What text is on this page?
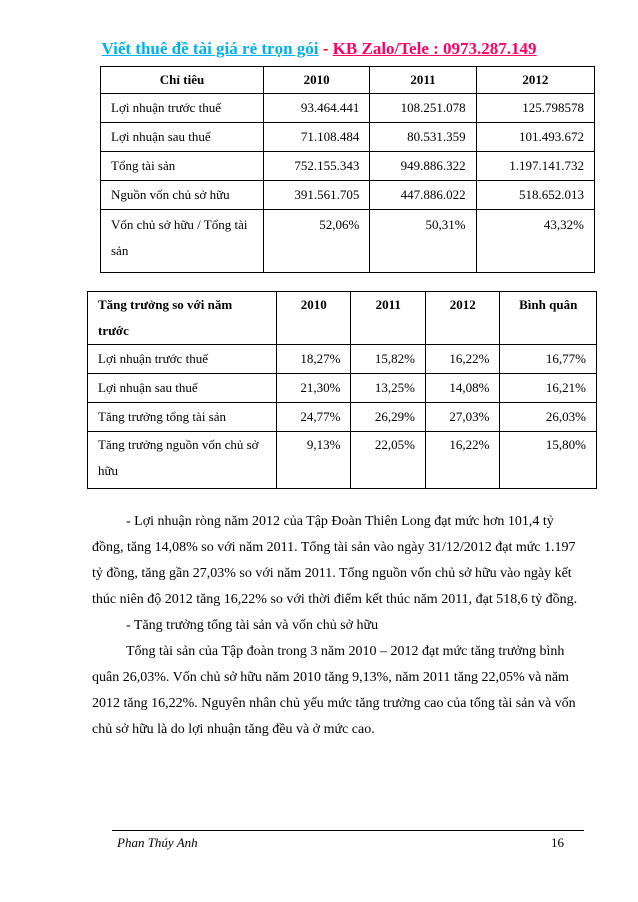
Viết thuê đề tài giá rẻ trọn gói - KB Zalo/Tele : 0973.287.149
Chỉ tiêu	2010	2011	2012
Lợi nhuận trước thuế	93.464.441	108.251.078	125.798578
Lợi nhuận sau thuế	71.108.484	80.531.359	101.493.672
Tổng tài sản	752.155.343	949.886.322	1.197.141.732
Nguồn vốn chủ sở hữu	391.561.705	447.886.022	518.652.013
Vốn chủ sở hữu / Tổng tài sản	52,06%	50,31%	43,32%
Tăng trưởng so với năm trước	2010	2011	2012	Bình quân
Lợi nhuận trước thuế	18,27%	15,82%	16,22%	16,77%
Lợi nhuận sau thuế	21,30%	13,25%	14,08%	16,21%
Tăng trưởng tổng tài sản	24,77%	26,29%	27,03%	26,03%
Tăng trưởng nguồn vốn chủ sở hữu	9,13%	22,05%	16,22%	15,80%
- Lợi nhuận ròng năm 2012 của Tập Đoàn Thiên Long đạt mức hơn 101,4 tỷ
đồng, tăng 14,08% so với năm 2011. Tổng tài sản vào ngày 31/12/2012 đạt mức 1.197
tỷ đồng, tăng gần 27,03% so với năm 2011. Tổng nguồn vốn chủ sở hữu vào ngày kết
thúc niên độ 2012 tăng 16,22% so với thời điểm kết thúc năm 2011, đạt 518,6 tỷ đồng.
- Tăng trưởng tổng tài sản và vốn chủ sở hữu
Tổng tài sản của Tập đoàn trong 3 năm 2010 – 2012 đạt mức tăng trưởng bình
quân 26,03%. Vốn chủ sở hữu năm 2010 tăng 9,13%, năm 2011 tăng 22,05% và năm
2012 tăng 16,22%. Nguyên nhân chủ yếu mức tăng trưởng cao của tổng tài sản và vốn
chủ sở hữu là do lợi nhuận tăng đều và ở mức cao.
Phan Thúy Anh	16
